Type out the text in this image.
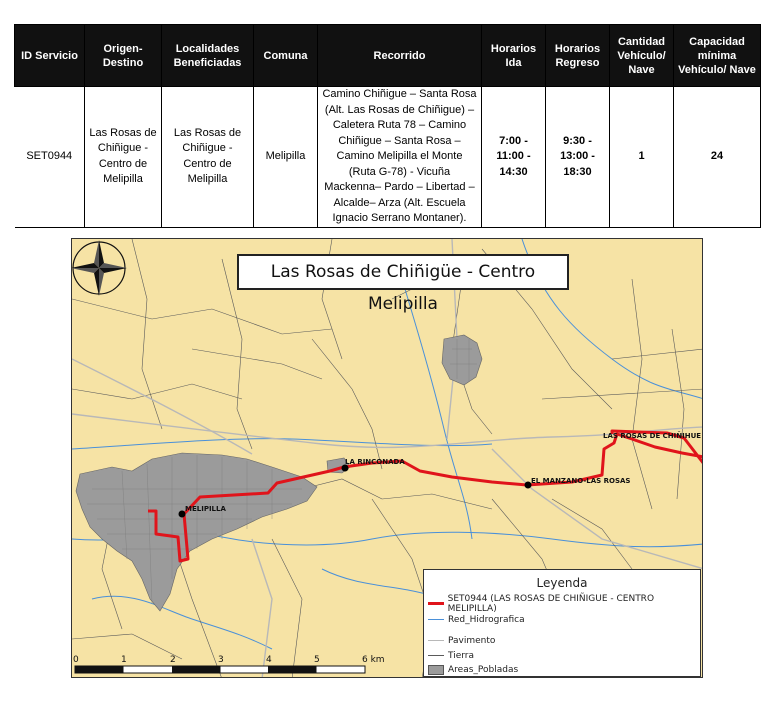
ID Servicio	Origen-Destino	Localidades Beneficiadas	Comuna	Recorrido	Horarios Ida	Horarios Regreso	Cantidad Vehículo/ Nave	Capacidad mínima Vehículo/ Nave
SET0944	Las Rosas de Chiñigue - Centro de Melipilla	Las Rosas de Chiñigue - Centro de Melipilla	Melipilla	Camino Chiñigue – Santa Rosa (Alt. Las Rosas de Chiñigue) – Caletera Ruta 78 – Camino Chiñigue – Santa Rosa – Camino Melipilla el Monte (Ruta G-78) - Vicuña Mackenna– Pardo – Libertad – Alcalde– Arza (Alt. Escuela Ignacio Serrano Montaner).	7:00 - 11:00 - 14:30	9:30 - 13:00 - 18:30	1	24
MELIPILLA
LA RINCONADA
EL MANZANO-LAS ROSAS
LAS ROSAS DE CHIÑIHUE
0	1	2	3	4	5	6 km
Las Rosas de Chiñigüe - Centro Melipilla
Leyenda
SET0944 (LAS ROSAS DE CHIÑIGUE - CENTRO MELIPILLA)
Red_Hidrografica
Pavimento
Tierra
Areas_Pobladas
